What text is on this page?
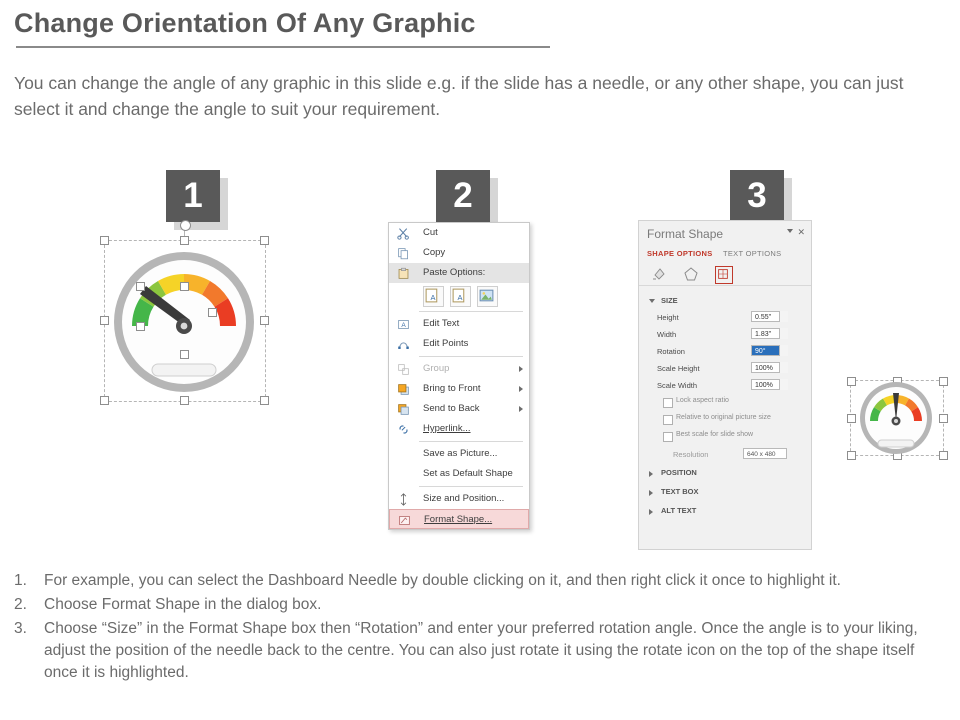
Change Orientation Of Any Graphic
You can change the angle of any graphic in this slide e.g. if the slide has a needle, or any other shape, you can just select it and change the angle to suit your requirement.
1	2	3
Cut
Copy
Paste Options:
A	A
A Edit Text
Edit Points
Group
Bring to Front
Send to Back
Hyperlink...
Save as Picture...
Set as Default Shape
Size and Position...
Format Shape...
Format Shape	✕
SHAPE OPTIONS TEXT OPTIONS
SIZE
Height	0.55"
Width	1.83"
Rotation	90°
Scale Height	100%
Scale Width	100%
Lock aspect ratio
Relative to original picture size
Best scale for slide show
Resolution	640 x 480
POSITION
TEXT BOX
ALT TEXT
1.	For example, you can select the Dashboard Needle by double clicking on it, and then right click it once to highlight it.
2.	Choose Format Shape in the dialog box.
3.	Choose “Size” in the Format Shape box then “Rotation” and enter your preferred rotation angle. Once the angle is to your liking, adjust the position of the needle back to the centre. You can also just rotate it using the rotate icon on the top of the shape itself once it is highlighted.
